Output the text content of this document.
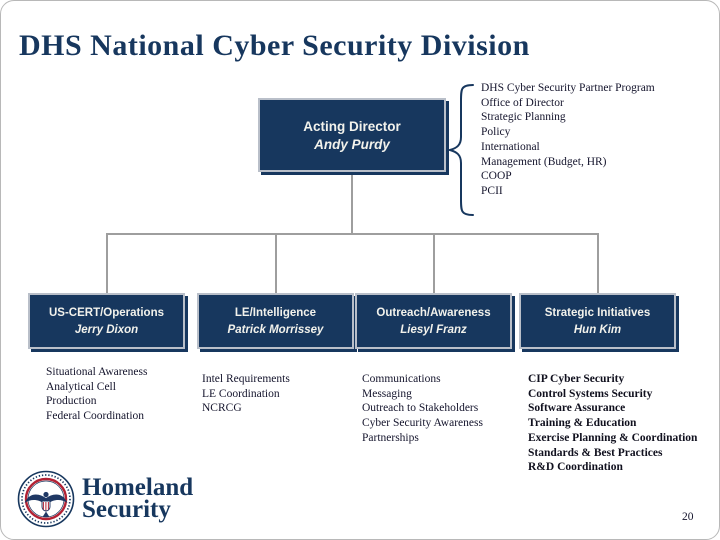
DHS National Cyber Security Division
Acting Director
Andy Purdy
DHS Cyber Security Partner Program
Office of Director
Strategic Planning
Policy
International
Management (Budget, HR)
COOP
PCII
US-CERT/Operations
Jerry Dixon
LE/Intelligence
Patrick Morrissey
Outreach/Awareness
Liesyl Franz
Strategic Initiatives
Hun Kim
Situational Awareness
Analytical Cell
Production
Federal Coordination
Intel Requirements
LE Coordination
NCRCG
Communications
Messaging
Outreach to Stakeholders
Cyber Security Awareness
Partnerships
CIP Cyber Security
Control Systems Security
Software Assurance
Training & Education
Exercise Planning & Coordination
Standards & Best Practices
R&D Coordination
Homeland
Security	20
